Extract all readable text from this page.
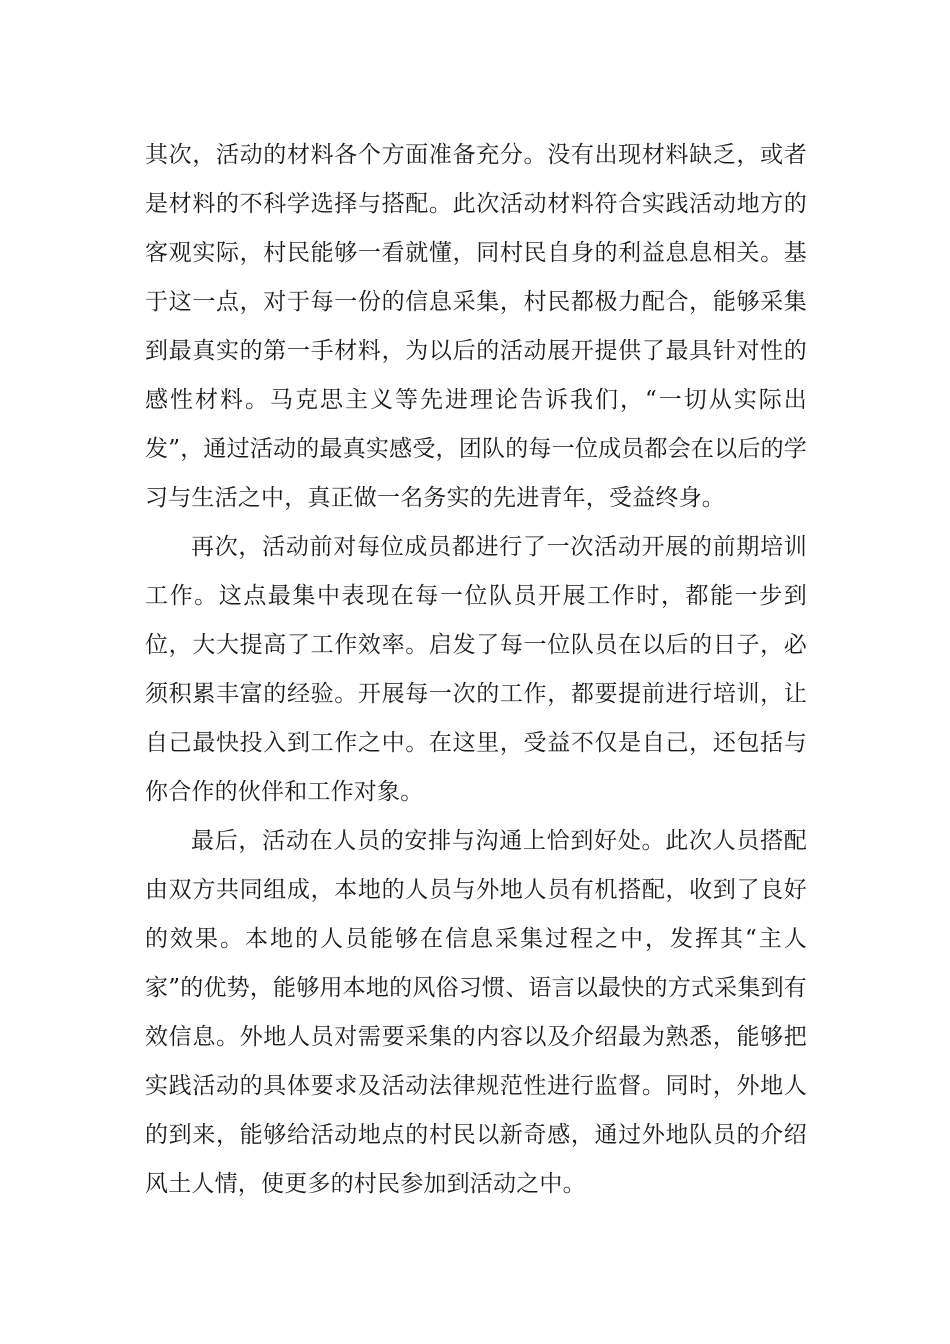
其次，活动的材料各个方面准备充分。没有出现材料缺乏，或者是材料的不科学选择与搭配。此次活动材料符合实践活动地方的客观实际，村民能够一看就懂，同村民自身的利益息息相关。基于这一点，对于每一份的信息采集，村民都极力配合，能够采集到最真实的第一手材料，为以后的活动展开提供了最具针对性的感性材料。马克思主义等先进理论告诉我们，“一切从实际出发”，通过活动的最真实感受，团队的每一位成员都会在以后的学习与生活之中，真正做一名务实的先进青年，受益终身。

再次，活动前对每位成员都进行了一次活动开展的前期培训工作。这点最集中表现在每一位队员开展工作时，都能一步到位，大大提高了工作效率。启发了每一位队员在以后的日子，必须积累丰富的经验。开展每一次的工作，都要提前进行培训，让自己最快投入到工作之中。在这里，受益不仅是自己，还包括与你合作的伙伴和工作对象。

最后，活动在人员的安排与沟通上恰到好处。此次人员搭配由双方共同组成，本地的人员与外地人员有机搭配，收到了良好的效果。本地的人员能够在信息采集过程之中，发挥其“主人家”的优势，能够用本地的风俗习惯、语言以最快的方式采集到有效信息。外地人员对需要采集的内容以及介绍最为熟悉，能够把实践活动的具体要求及活动法律规范性进行监督。同时，外地人的到来，能够给活动地点的村民以新奇感，通过外地队员的介绍风土人情，使更多的村民参加到活动之中。
